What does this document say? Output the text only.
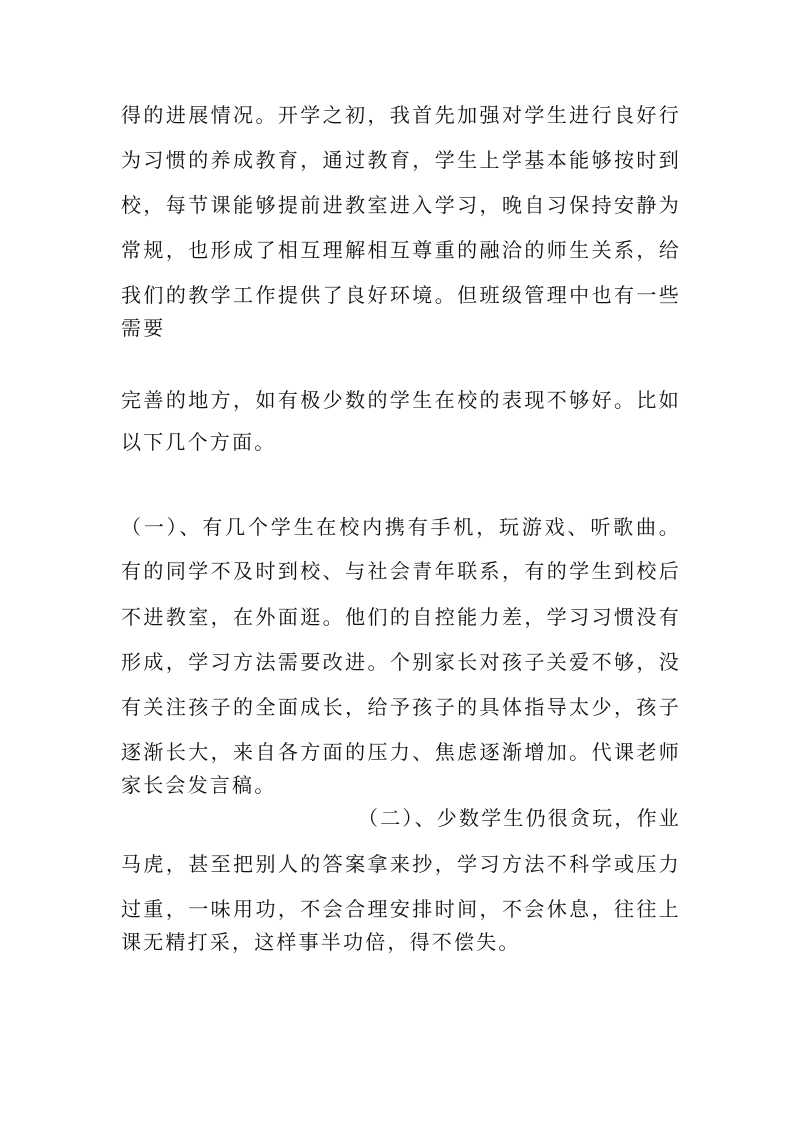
得的进展情况。开学之初，我首先加强对学生进行良好行
为习惯的养成教育，通过教育，学生上学基本能够按时到
校，每节课能够提前进教室进入学习，晚自习保持安静为
常规，也形成了相互理解相互尊重的融洽的师生关系，给
我们的教学工作提供了良好环境。但班级管理中也有一些
需要
完善的地方，如有极少数的学生在校的表现不够好。比如
以下几个方面。
（一）、有几个学生在校内携有手机，玩游戏、听歌曲。
有的同学不及时到校、与社会青年联系，有的学生到校后
不进教室，在外面逛。他们的自控能力差，学习习惯没有
形成，学习方法需要改进。个别家长对孩子关爱不够，没
有关注孩子的全面成长，给予孩子的具体指导太少，孩子
逐渐长大，来自各方面的压力、焦虑逐渐增加。代课老师
家长会发言稿。
（二）、少数学生仍很贪玩，作业
马虎，甚至把别人的答案拿来抄，学习方法不科学或压力
过重，一味用功，不会合理安排时间，不会休息，往往上
课无精打采，这样事半功倍，得不偿失。
